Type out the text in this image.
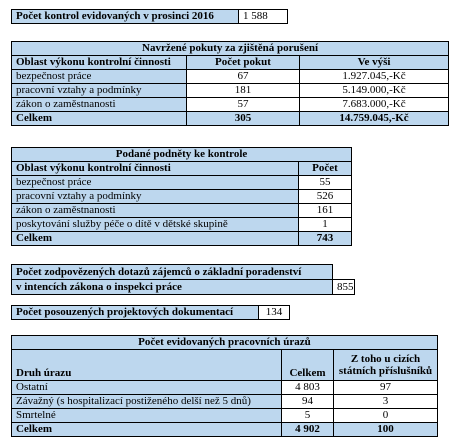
Počet kontrol evidovaných v prosinci 2016	1 588
Navržené pokuty za zjištěná porušení		
Oblast výkonu kontrolní činnosti	Počet pokut	Ve výši
bezpečnost práce	67	1.927.045,-Kč
pracovní vztahy a podmínky	181	5.149.000,-Kč
zákon o zaměstnanosti	57	7.683.000,-Kč
Celkem	305	14.759.045,-Kč
Podané podněty ke kontrole	
Oblast výkonu kontrolní činnosti	Počet
bezpečnost práce	55
pracovní vztahy a podmínky	526
zákon o zaměstnanosti	161
poskytování služby péče o dítě v dětské skupině	1
Celkem	743
Počet zodpovězených dotazů zájemců o základní poradenství	
v intencích zákona o inspekci práce	855
Počet posouzených projektových dokumentací	134
Počet evidovaných pracovních úrazů		
Druh úrazu	Celkem	Z toho u cizích státních příslušníků
Ostatní	4 803	97
Závažný (s hospitalizací postiženého delší než 5 dnů)	94	3
Smrtelné	5	0
Celkem	4 902	100
